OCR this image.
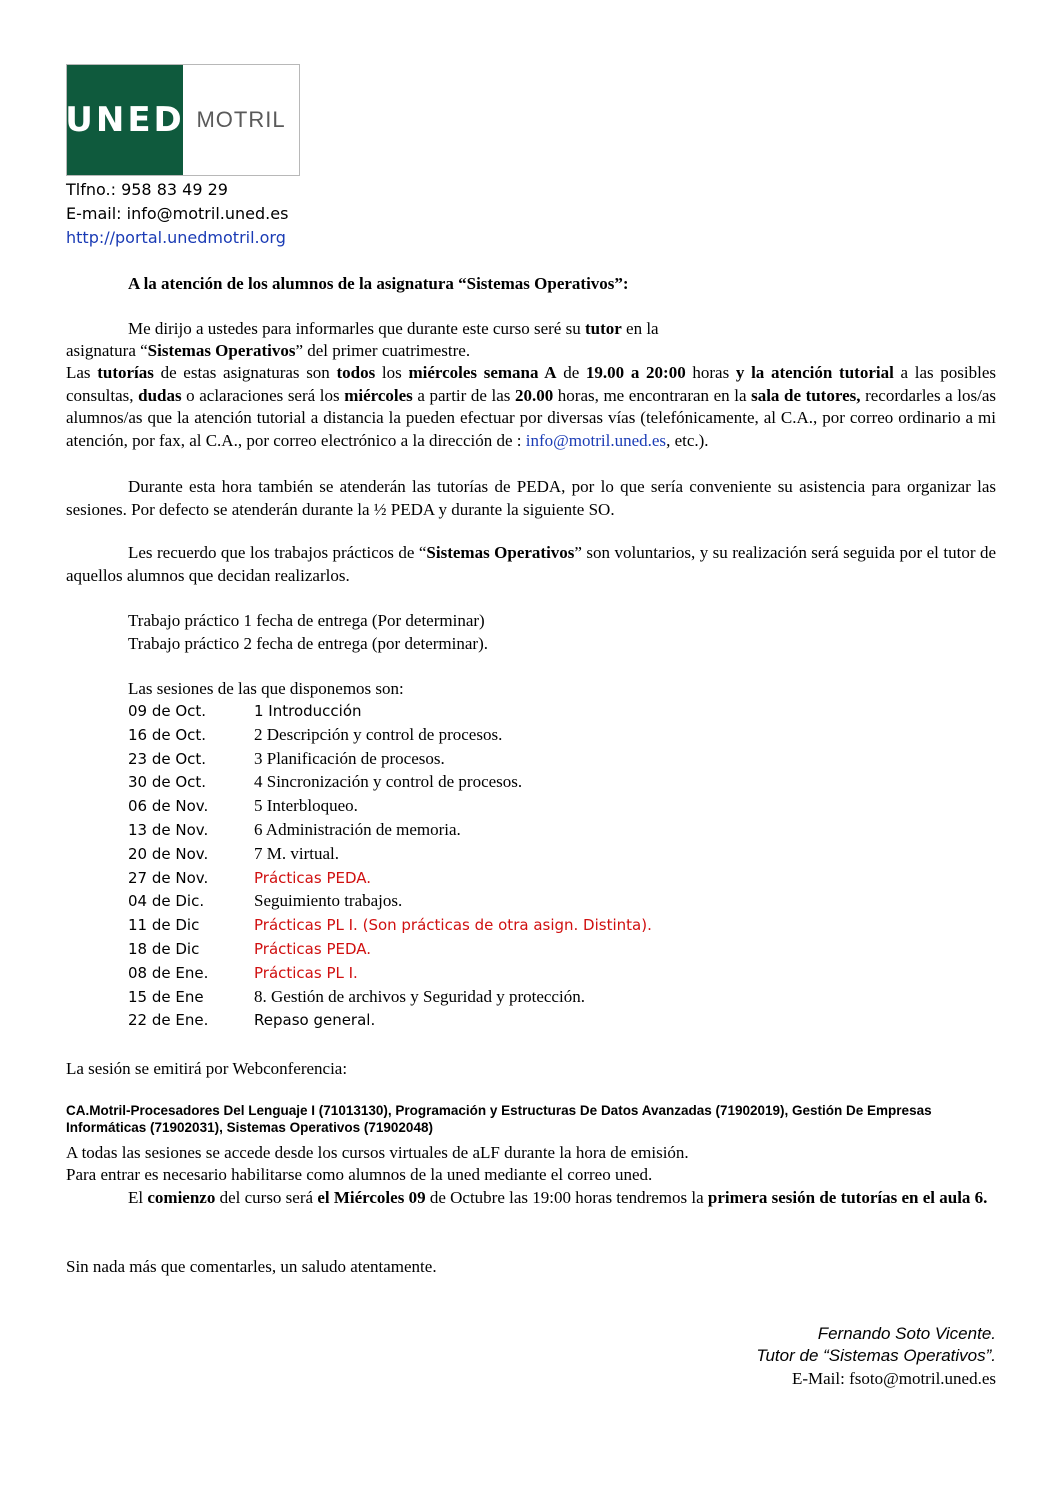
UNED MOTRIL
Tlfno.: 958 83 49 29
E-mail: info@motril.uned.es
http://portal.unedmotril.org
A la atención de los alumnos de la asignatura “Sistemas Operativos”:
Me dirijo a ustedes para informarles que durante este curso seré su tutor en la
asignatura “Sistemas Operativos” del primer cuatrimestre.
Las tutorías de estas asignaturas son todos los miércoles semana A de 19.00 a 20:00 horas y la atención tutorial a las posibles consultas, dudas o aclaraciones será los miércoles a partir de las 20.00 horas, me encontraran en la sala de tutores, recordarles a los/as alumnos/as que la atención tutorial a distancia la pueden efectuar por diversas vías (telefónicamente, al C.A., por correo ordinario a mi atención, por fax, al C.A., por correo electrónico a la dirección de : info@motril.uned.es, etc.).
Durante esta hora también se atenderán las tutorías de PEDA, por lo que sería conveniente su asistencia para organizar las sesiones. Por defecto se atenderán durante la ½ PEDA y durante la siguiente SO.
Les recuerdo que los trabajos prácticos de “Sistemas Operativos” son voluntarios, y su realización será seguida por el tutor de aquellos alumnos que decidan realizarlos.
Trabajo práctico 1 fecha de entrega (Por determinar)
Trabajo práctico 2 fecha de entrega (por determinar).
Las sesiones de las que disponemos son:
09 de Oct.	1 Introducción
16 de Oct.	2 Descripción y control de procesos.
23 de Oct.	3 Planificación de procesos.
30 de Oct.	4 Sincronización y control de procesos.
06 de Nov.	5 Interbloqueo.
13 de Nov.	6 Administración de memoria.
20 de Nov.	7 M. virtual.
27 de Nov.	Prácticas PEDA.
04 de Dic.	Seguimiento trabajos.
11 de Dic	Prácticas PL I. (Son prácticas de otra asign. Distinta).
18 de Dic	Prácticas PEDA.
08 de Ene.	Prácticas PL I.
15 de Ene	8. Gestión de archivos y Seguridad y protección.
22 de Ene.	Repaso general.
La sesión se emitirá por Webconferencia:
CA.Motril-Procesadores Del Lenguaje I (71013130), Programación y Estructuras De Datos Avanzadas (71902019), Gestión De Empresas Informáticas (71902031), Sistemas Operativos (71902048)
A todas las sesiones se accede desde los cursos virtuales de aLF durante la hora de emisión.
Para entrar es necesario habilitarse como alumnos de la uned mediante el correo uned.
El comienzo del curso será el Miércoles 09 de Octubre las 19:00 horas tendremos la primera sesión de tutorías en el aula 6.
Sin nada más que comentarles, un saludo atentamente.
Fernando Soto Vicente.
Tutor de “Sistemas Operativos”.
E-Mail: fsoto@motril.uned.es
